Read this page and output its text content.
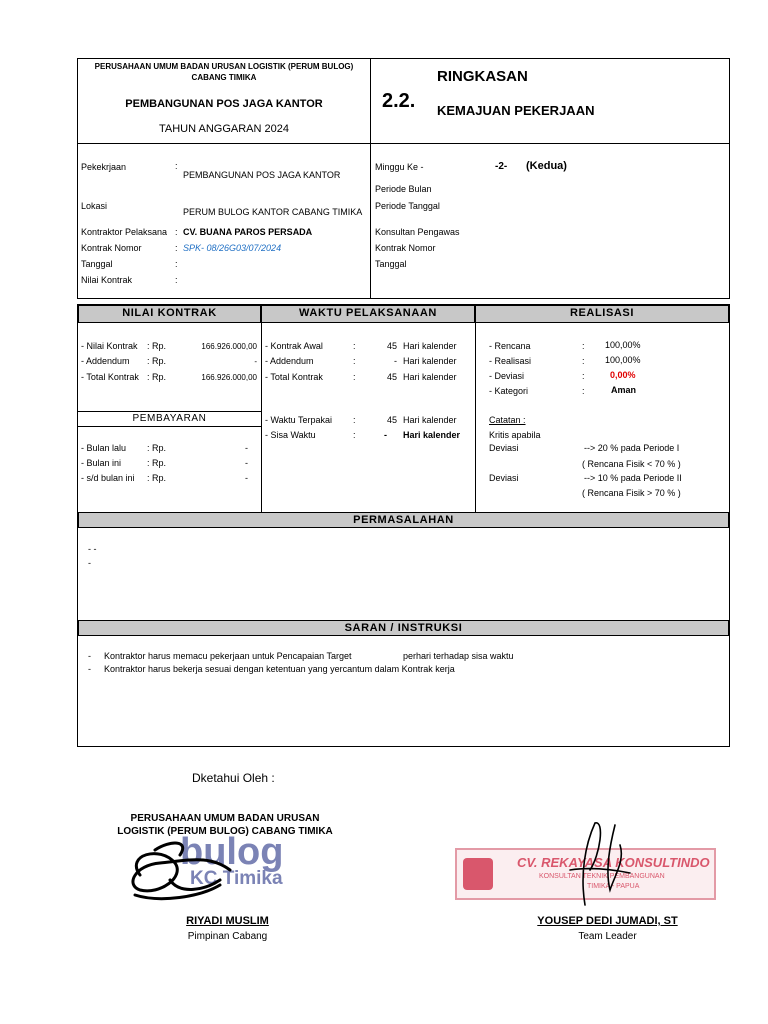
PERUSAHAAN UMUM BADAN URUSAN LOGISTIK (PERUM BULOG)
CABANG TIMIKA
PEMBANGUNAN POS JAGA KANTOR
TAHUN ANGGARAN 2024
2.2.
RINGKASAN
KEMAJUAN PEKERJAAN
Pekekrjaan	:
PEMBANGUNAN POS JAGA KANTOR
Lokasi
PERUM BULOG KANTOR CABANG TIMIKA
Kontraktor Pelaksana : CV. BUANA PAROS PERSADA
Kontrak Nomor	: SPK- 08/26G03/07/2024
Tanggal	:
Nilai Kontrak	:
Minggu Ke -	-2- (Kedua)
Periode Bulan
Periode Tanggal
Konsultan Pengawas
Kontrak Nomor
Tanggal
NILAI KONTRAK	WAKTU PELAKSANAAN	REALISASI
- Nilai Kontrak : Rp.	166.926.000,00
- Addendum : Rp.	-
- Total Kontrak : Rp.	166.926.000,00
PEMBAYARAN
- Bulan lalu : Rp.	-
- Bulan ini	: Rp.	-
- s/d bulan ini : Rp.	-
- Kontrak Awal	:	45 Hari kalender
- Addendum	:	- Hari kalender
- Total Kontrak	:	45 Hari kalender
- Waktu Terpakai :	45 Hari kalender
- Sisa Waktu	:	- Hari kalender
- Rencana	: 100,00%
- Realisasi	: 100,00%
- Deviasi	:	0,00%
- Kategori	:	Aman
Catatan :
Kritis apabila
Deviasi	--> 20 % pada Periode I
( Rencana Fisik < 70 % )
Deviasi	--> 10 % pada Periode II
( Rencana Fisik > 70 % )
PERMASALAHAN
- -
-
SARAN / INSTRUKSI
- Kontraktor harus memacu pekerjaan untuk Pencapaian Target	perhari terhadap sisa waktu
- Kontraktor harus bekerja sesuai dengan ketentuan yang yercantum dalam Kontrak kerja
Dketahui Oleh :
PERUSAHAAN UMUM BADAN URUSAN
LOGISTIK (PERUM BULOG) CABANG TIMIKA
bulog
KC Timika
RIYADI MUSLIM
Pimpinan Cabang
CV. REKAYASA KONSULTINDO
KONSULTAN TEKNIK PEMBANGUNAN
TIMIKA - PAPUA
YOUSEP DEDI JUMADI, ST
Team Leader
